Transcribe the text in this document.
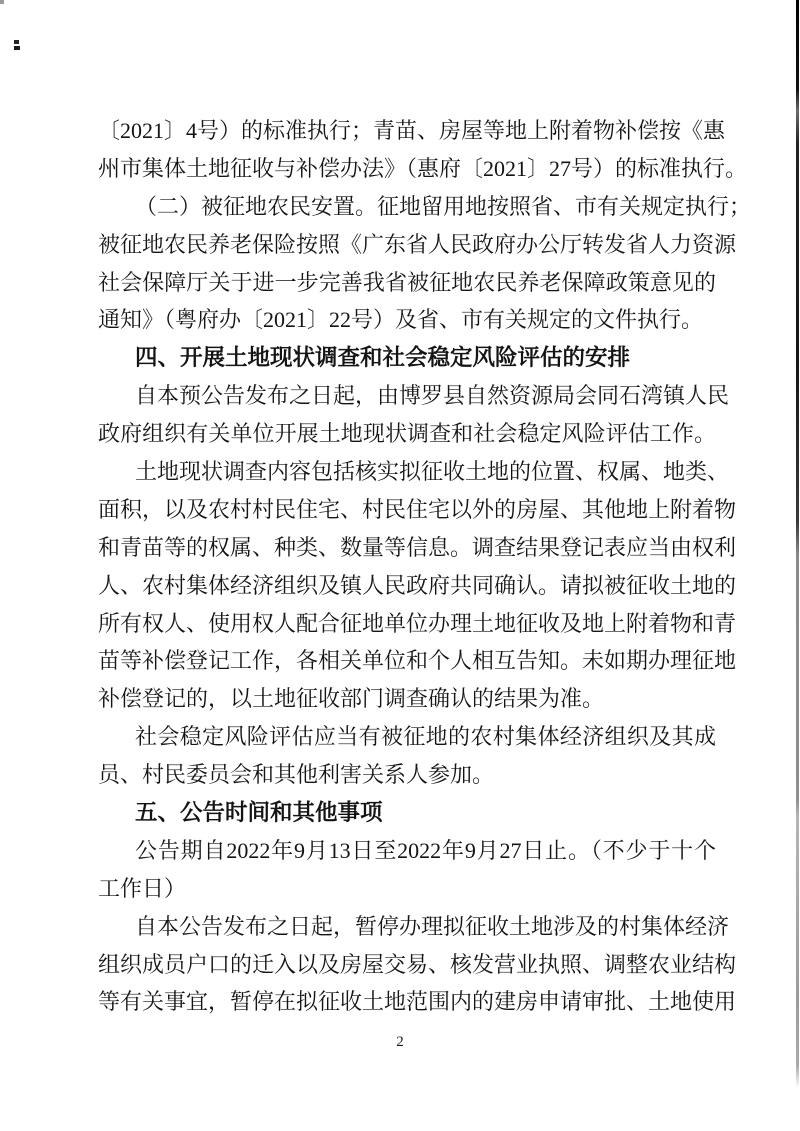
〔2021〕4号）的标准执行；青苗、房屋等地上附着物补偿按《惠
州市集体土地征收与补偿办法》（惠府〔2021〕27号）的标准执行。
（二）被征地农民安置。征地留用地按照省、市有关规定执行；
被征地农民养老保险按照《广东省人民政府办公厅转发省人力资源
社会保障厅关于进一步完善我省被征地农民养老保障政策意见的
通知》（粤府办〔2021〕22号）及省、市有关规定的文件执行。
四、开展土地现状调查和社会稳定风险评估的安排
自本预公告发布之日起，由博罗县自然资源局会同石湾镇人民
政府组织有关单位开展土地现状调查和社会稳定风险评估工作。
土地现状调查内容包括核实拟征收土地的位置、权属、地类、
面积，以及农村村民住宅、村民住宅以外的房屋、其他地上附着物
和青苗等的权属、种类、数量等信息。调查结果登记表应当由权利
人、农村集体经济组织及镇人民政府共同确认。请拟被征收土地的
所有权人、使用权人配合征地单位办理土地征收及地上附着物和青
苗等补偿登记工作，各相关单位和个人相互告知。未如期办理征地
补偿登记的，以土地征收部门调查确认的结果为准。
社会稳定风险评估应当有被征地的农村集体经济组织及其成
员、村民委员会和其他利害关系人参加。
五、公告时间和其他事项
公告期自2022年9月13日至2022年9月27日止。（不少于十个
工作日）
自本公告发布之日起，暂停办理拟征收土地涉及的村集体经济
组织成员户口的迁入以及房屋交易、核发营业执照、调整农业结构
等有关事宜，暂停在拟征收土地范围内的建房申请审批、土地使用
2
